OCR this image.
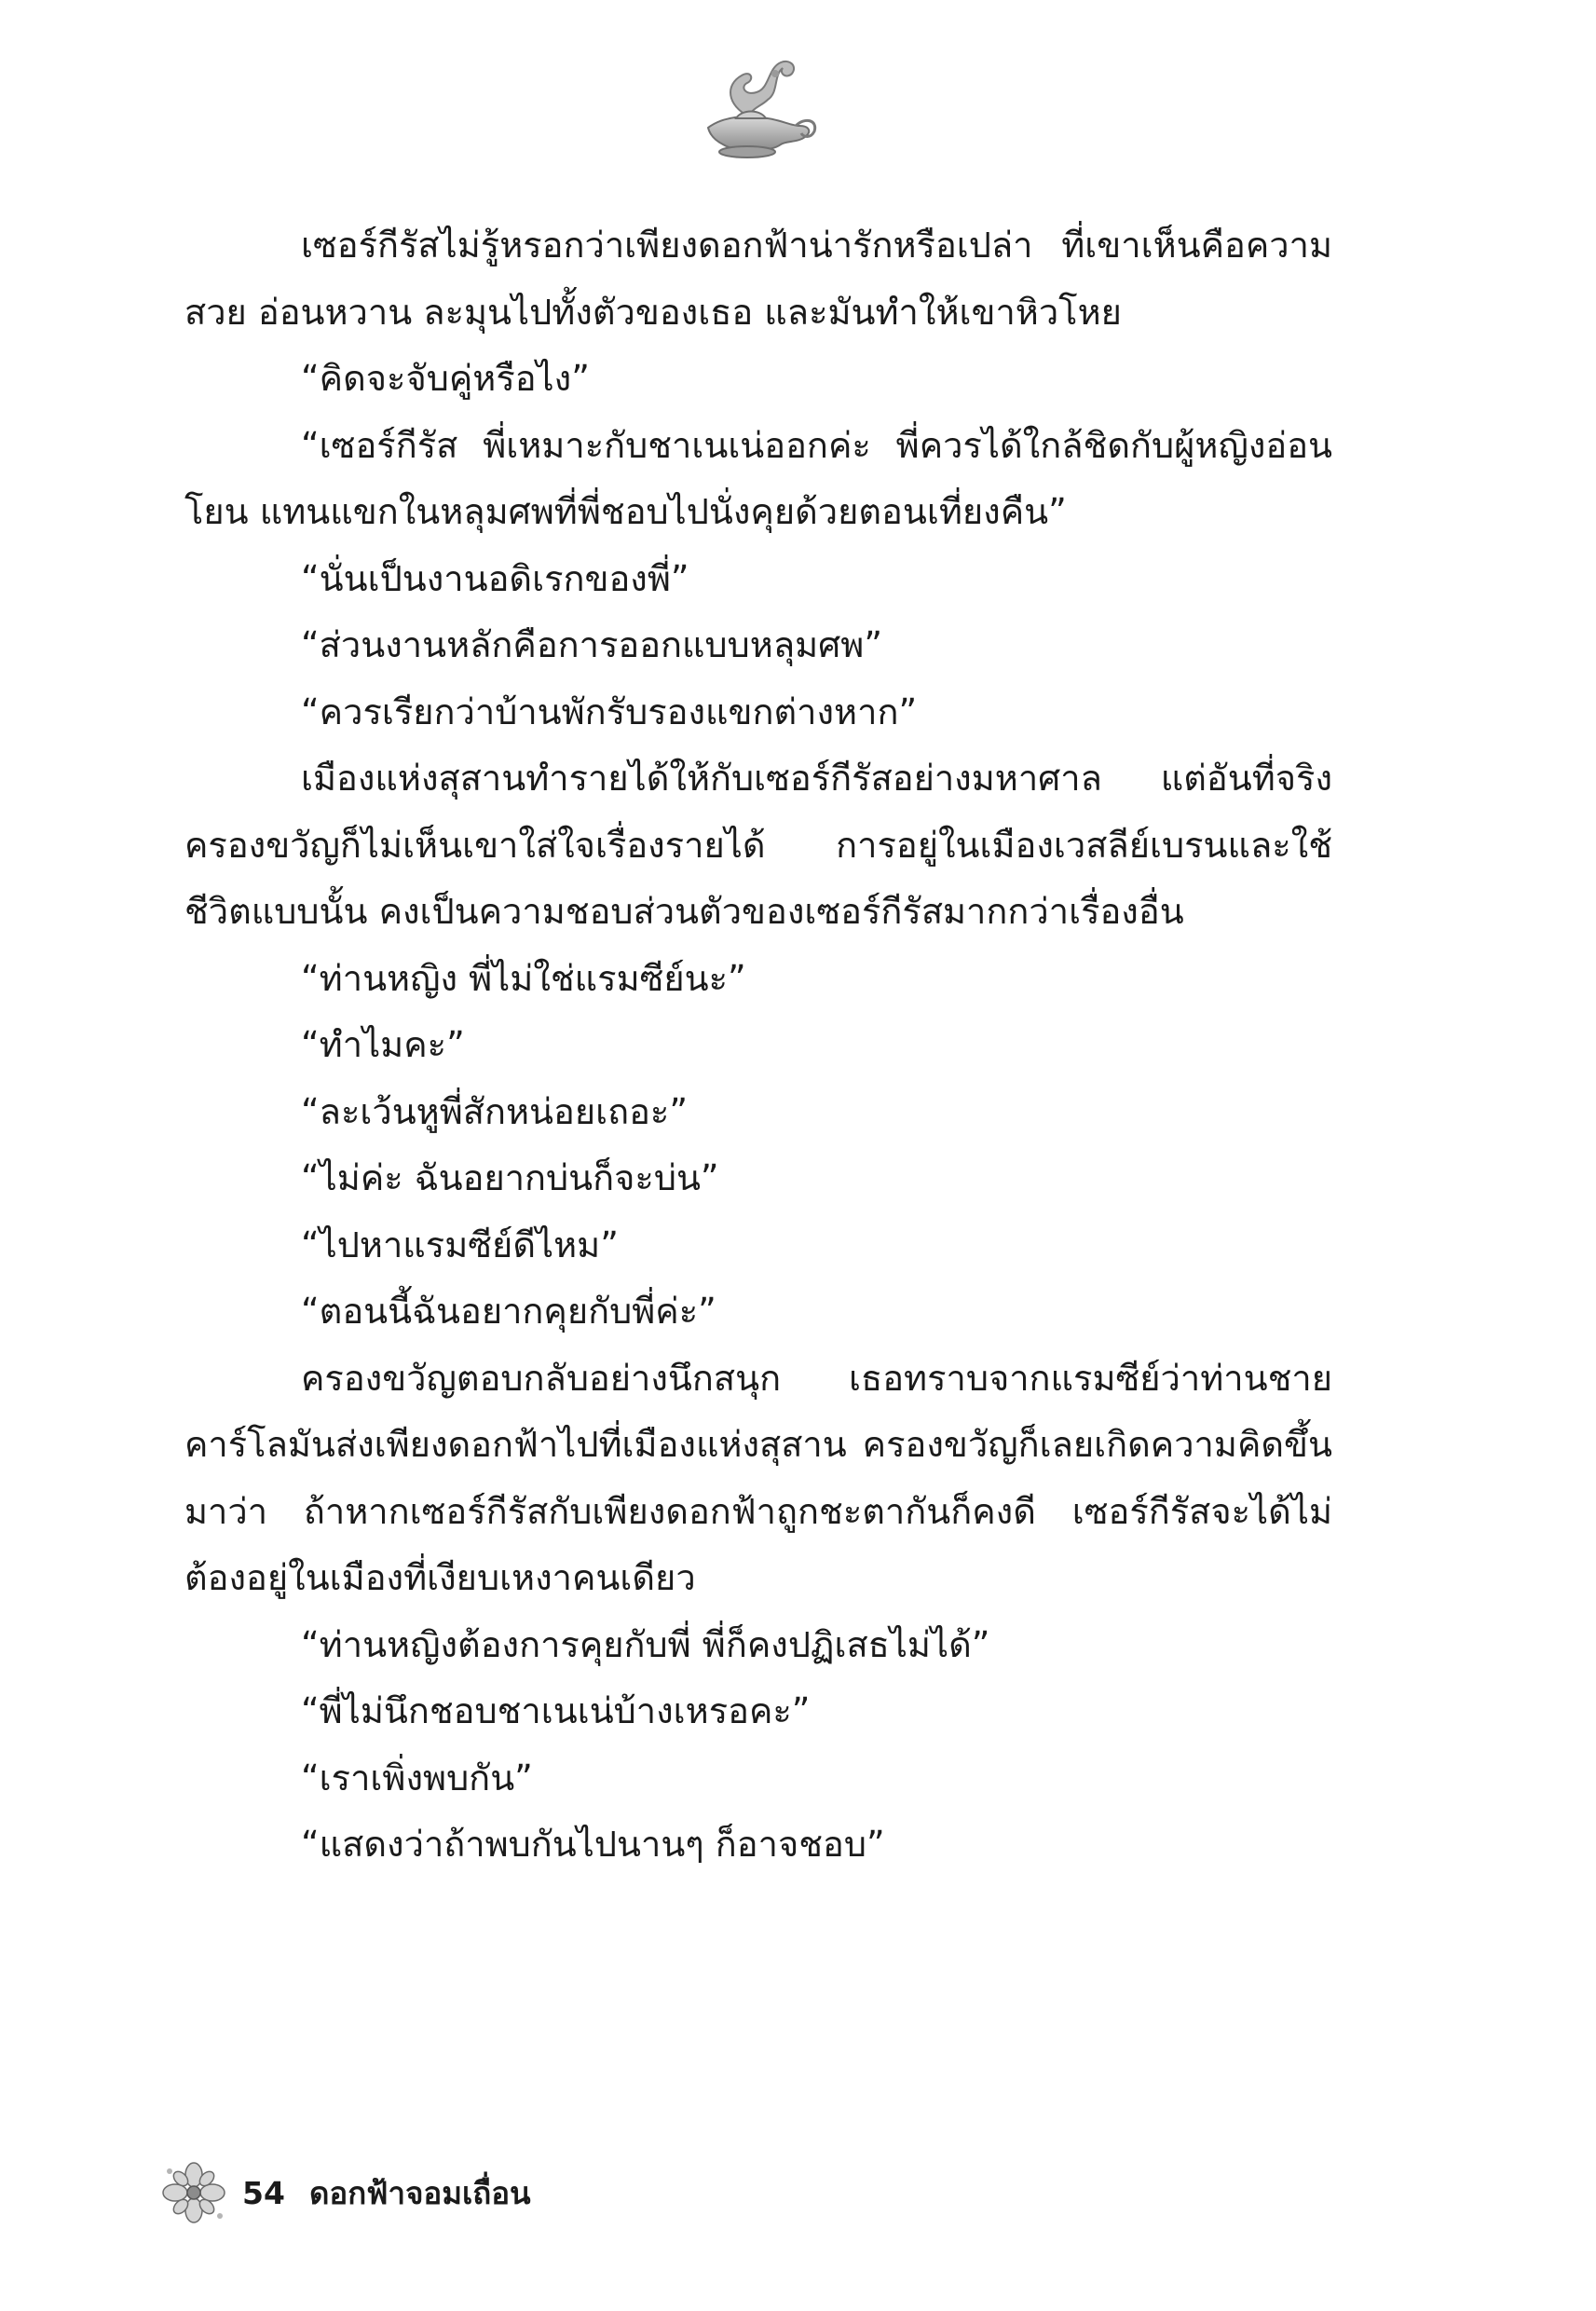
เซอร์กีรัสไม่รู้หรอกว่าเพียงดอกฟ้าน่ารักหรือเปล่า ที่เขาเห็นคือความสวย อ่อนหวาน ละมุนไปทั้งตัวของเธอ และมันทำให้เขาหิวโหย

“คิดจะจับคู่หรือไง”

“เซอร์กีรัส พี่เหมาะกับชาเนเน่ออกค่ะ พี่ควรได้ใกล้ชิดกับผู้หญิงอ่อนโยน แทนแขกในหลุมศพที่พี่ชอบไปนั่งคุยด้วยตอนเที่ยงคืน”

“นั่นเป็นงานอดิเรกของพี่”

“ส่วนงานหลักคือการออกแบบหลุมศพ”

“ควรเรียกว่าบ้านพักรับรองแขกต่างหาก”

เมืองแห่งสุสานทำรายได้ให้กับเซอร์กีรัสอย่างมหาศาล แต่อันที่จริงครองขวัญก็ไม่เห็นเขาใส่ใจเรื่องรายได้ การอยู่ในเมืองเวสลีย์เบรนและใช้ชีวิตแบบนั้น คงเป็นความชอบส่วนตัวของเซอร์กีรัสมากกว่าเรื่องอื่น

“ท่านหญิง พี่ไม่ใช่แรมซีย์นะ”

“ทำไมคะ”

“ละเว้นหูพี่สักหน่อยเถอะ”

“ไม่ค่ะ ฉันอยากบ่นก็จะบ่น”

“ไปหาแรมซีย์ดีไหม”

“ตอนนี้ฉันอยากคุยกับพี่ค่ะ”

ครองขวัญตอบกลับอย่างนึกสนุก เธอทราบจากแรมซีย์ว่าท่านชายคาร์โลมันส่งเพียงดอกฟ้าไปที่เมืองแห่งสุสาน ครองขวัญก็เลยเกิดความคิดขึ้นมาว่า ถ้าหากเซอร์กีรัสกับเพียงดอกฟ้าถูกชะตากันก็คงดี เซอร์กีรัสจะได้ไม่ต้องอยู่ในเมืองที่เงียบเหงาคนเดียว

“ท่านหญิงต้องการคุยกับพี่ พี่ก็คงปฏิเสธไม่ได้”

“พี่ไม่นึกชอบชาเนเน่บ้างเหรอคะ”

“เราเพิ่งพบกัน”

“แสดงว่าถ้าพบกันไปนานๆ ก็อาจชอบ”

54 ดอกฟ้าจอมเถื่อน
